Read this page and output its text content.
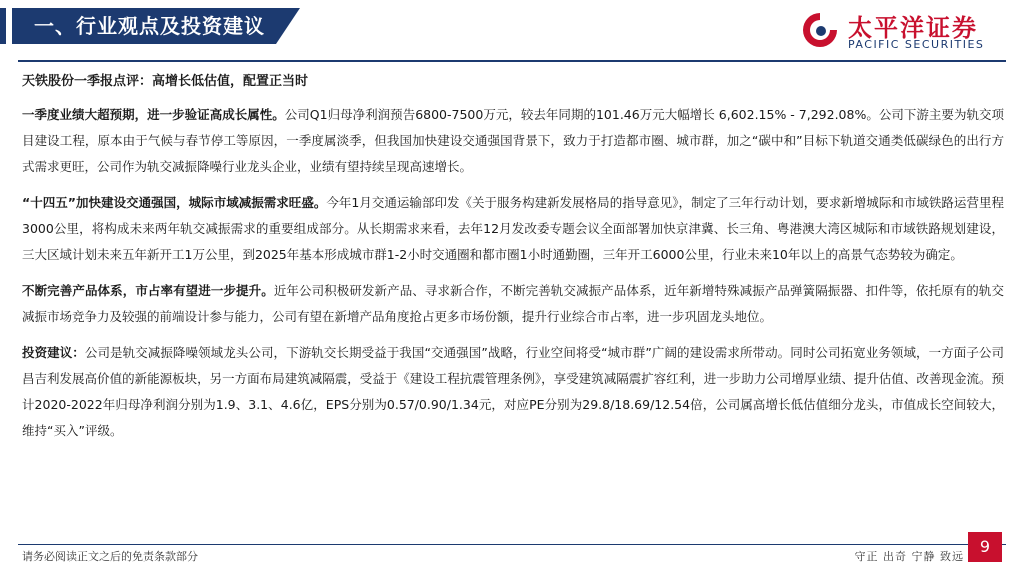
一、行业观点及投资建议	太平洋证券
PACIFIC SECURITIES
天铁股份一季报点评：高增长低估值，配置正当时

一季度业绩大超预期，进一步验证高成长属性。公司Q1归母净利润预告6800-7500万元，较去年同期的101.46万元大幅增长 6,602.15% - 7,292.08%。公司下游主要为轨交项目建设工程，原本由于气候与春节停工等原因，一季度属淡季，但我国加快建设交通强国背景下，致力于打造都市圈、城市群，加之“碳中和”目标下轨道交通类低碳绿色的出行方式需求更旺，公司作为轨交减振降噪行业龙头企业，业绩有望持续呈现高速增长。

“十四五”加快建设交通强国，城际市域减振需求旺盛。今年1月交通运输部印发《关于服务构建新发展格局的指导意见》，制定了三年行动计划，要求新增城际和市域铁路运营里程3000公里，将构成未来两年轨交减振需求的重要组成部分。从长期需求来看，去年12月发改委专题会议全面部署加快京津冀、长三角、粤港澳大湾区城际和市域铁路规划建设，三大区域计划未来五年新开工1万公里，到2025年基本形成城市群1-2小时交通圈和都市圈1小时通勤圈，三年开工6000公里，行业未来10年以上的高景气态势较为确定。

不断完善产品体系，市占率有望进一步提升。近年公司积极研发新产品、寻求新合作，不断完善轨交减振产品体系，近年新增特殊减振产品弹簧隔振器、扣件等，依托原有的轨交减振市场竞争力及较强的前端设计参与能力，公司有望在新增产品角度抢占更多市场份额，提升行业综合市占率，进一步巩固龙头地位。

投资建议：公司是轨交减振降噪领域龙头公司，下游轨交长期受益于我国“交通强国”战略，行业空间将受“城市群”广阔的建设需求所带动。同时公司拓宽业务领域，一方面子公司昌吉利发展高价值的新能源板块，另一方面布局建筑减隔震，受益于《建设工程抗震管理条例》，享受建筑减隔震扩容红利，进一步助力公司增厚业绩、提升估值、改善现金流。预计2020-2022年归母净利润分别为1.9、3.1、4.6亿，EPS分别为0.57/0.90/1.34元，对应PE分别为29.8/18.69/12.54倍，公司属高增长低估值细分龙头，市值成长空间较大，维持“买入”评级。

请务必阅读正文之后的免责条款部分	守正 出奇 宁静 致远
9
